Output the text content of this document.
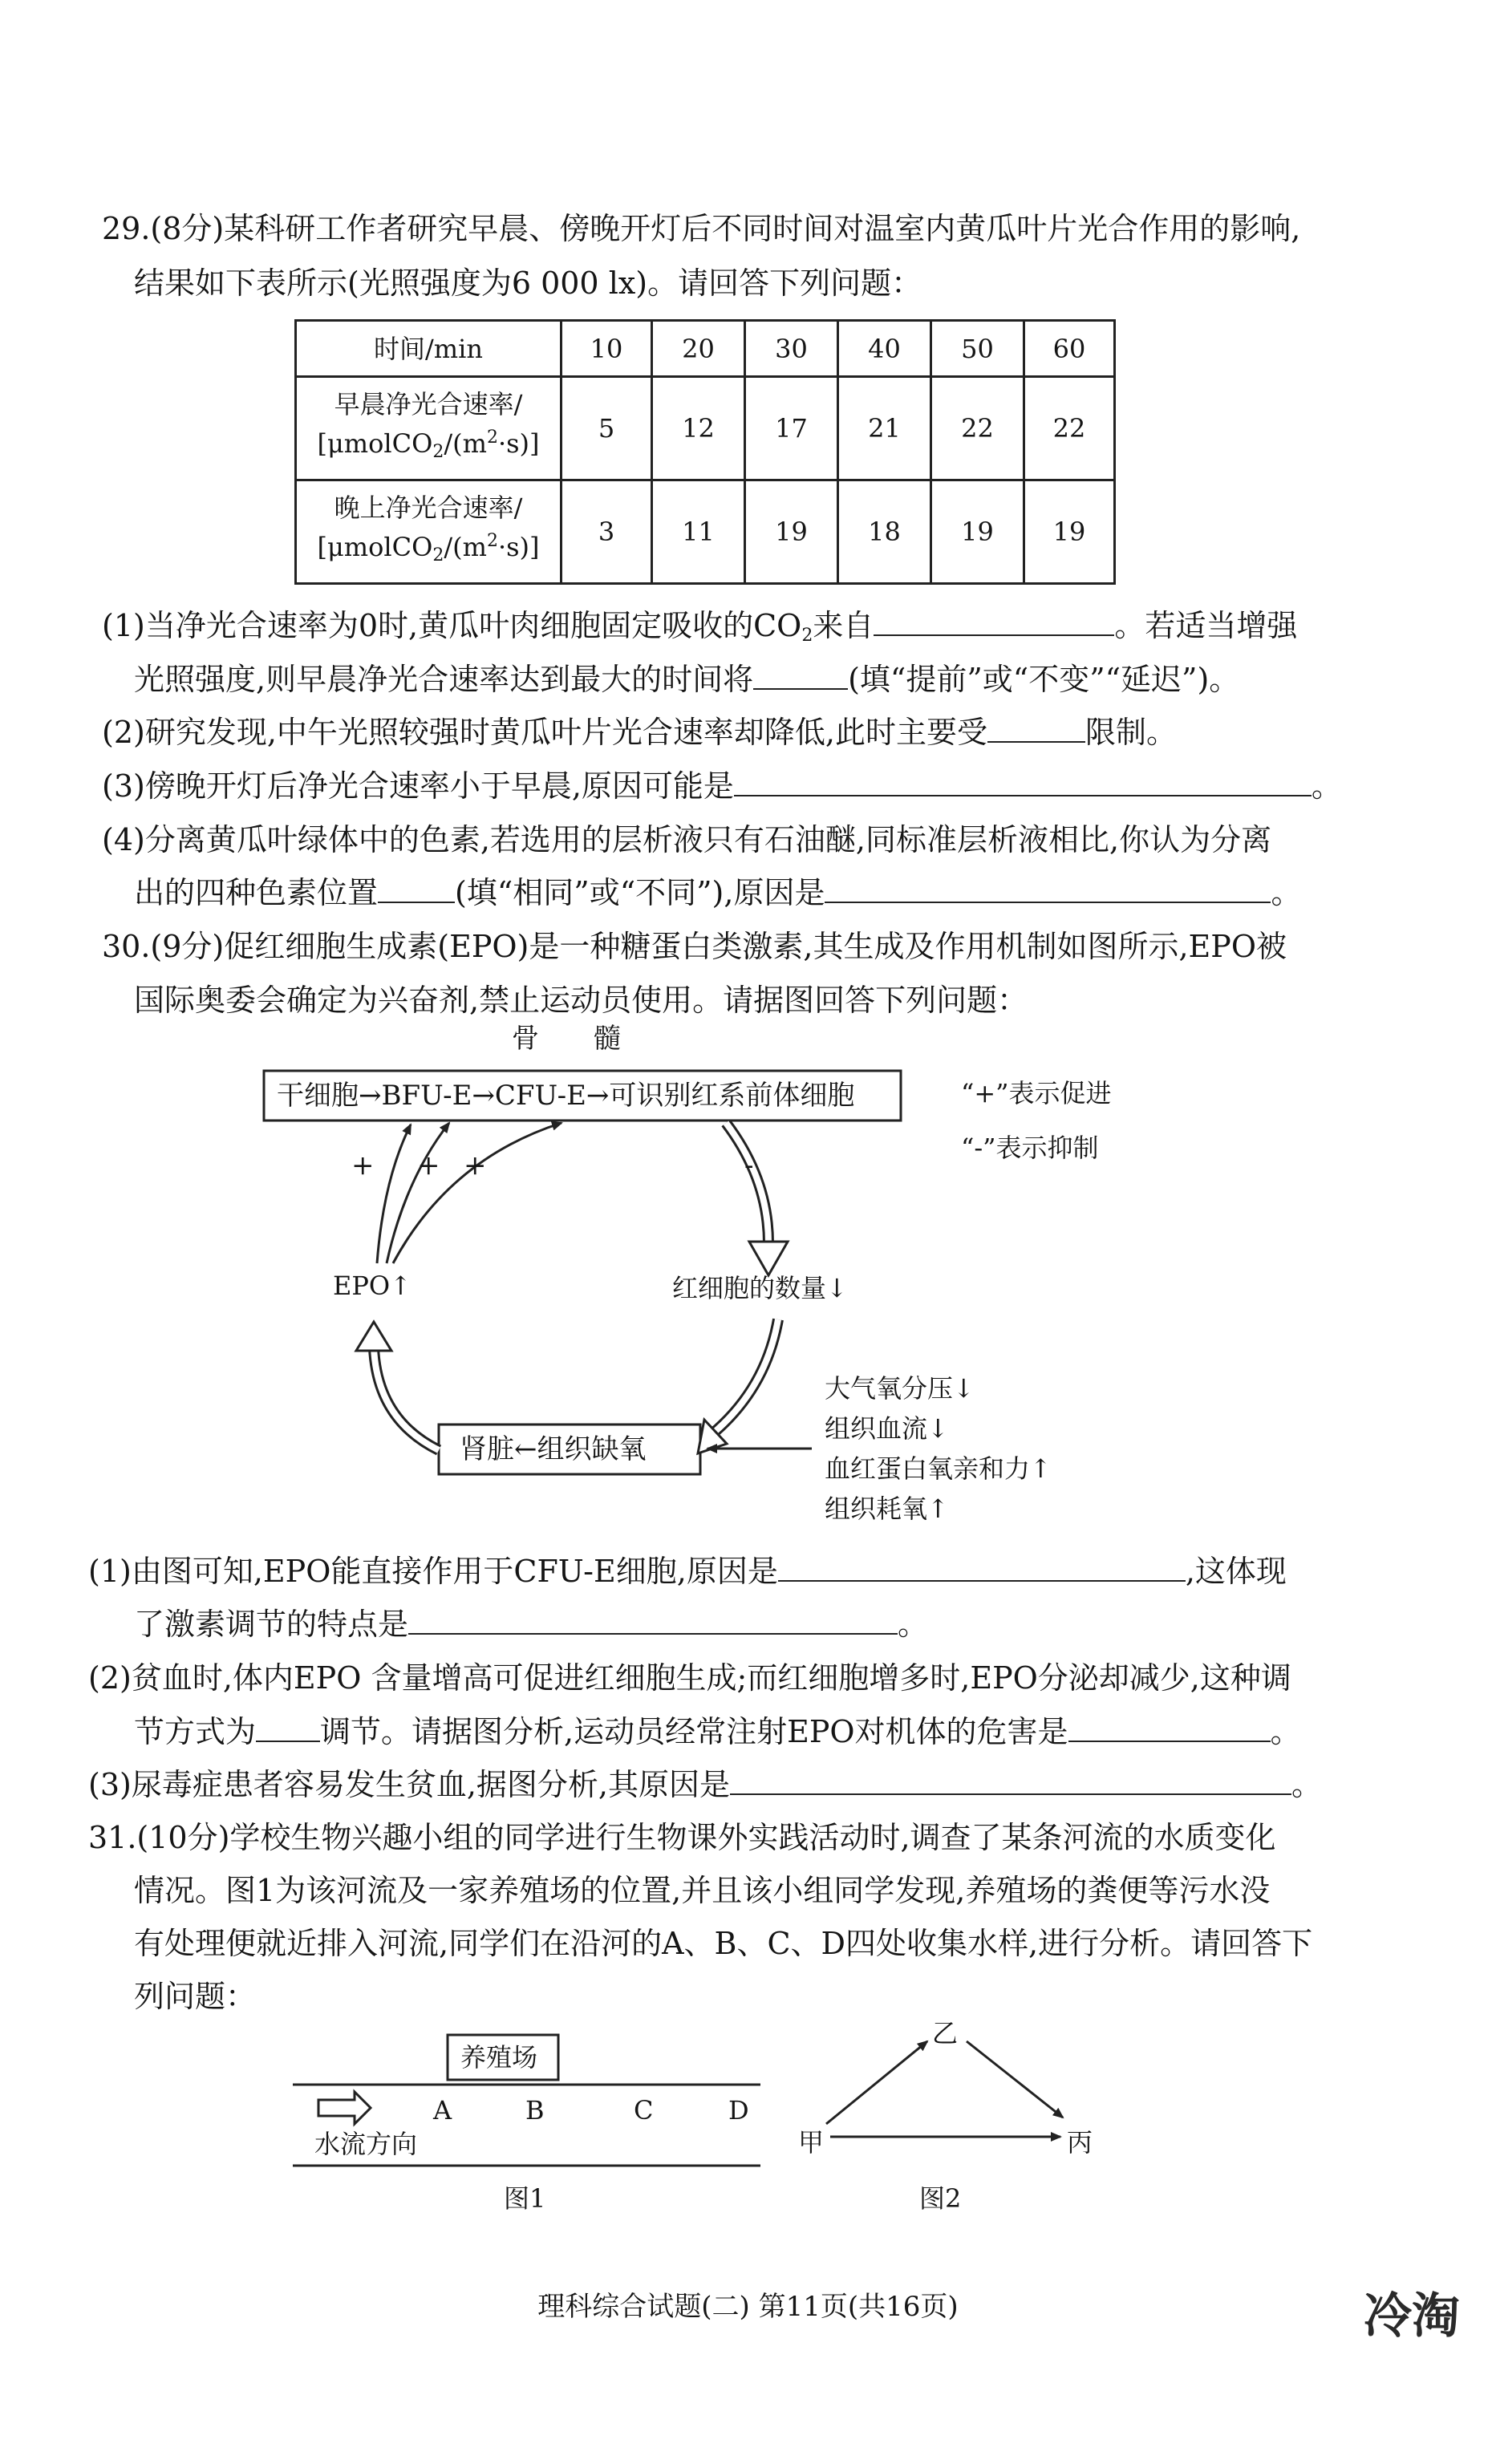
29.(8分)某科研工作者研究早晨、傍晚开灯后不同时间对温室内黄瓜叶片光合作用的影响,
结果如下表所示(光照强度为6 000 lx)。请回答下列问题：
时间/min	10	20	30	40	50	60

早晨净光合速率/
$[\mu molCO_2/(m^2\cdot s)]$	5	12	17	21	22	22

晚上净光合速率/
$[\mu molCO_2/(m^2\cdot s)]$	3	11	19	18	19	19
(1)当净光合速率为0时,黄瓜叶肉细胞固定吸收的$CO_2$来自	。若适当增强
光照强度,则早晨净光合速率达到最大的时间将	(填“提前”或“不变”“延迟”)。
(2)研究发现,中午光照较强时黄瓜叶片光合速率却降低,此时主要受	限制。
(3)傍晚开灯后净光合速率小于早晨,原因可能是	。
(4)分离黄瓜叶绿体中的色素,若选用的层析液只有石油醚,同标准层析液相比,你认为分离
出的四种色素位置	(填“相同”或“不同”),原因是	。
30.(9分)促红细胞生成素(EPO)是一种糖蛋白类激素,其生成及作用机制如图所示,EPO被
国际奥委会确定为兴奋剂,禁止运动员使用。请据图回答下列问题：
骨　　髓
干细胞→BFU-E→CFU-E→可识别红系前体细胞	“+”表示促进
“-”表示抑制
+ + +	-
EPO↑	红细胞的数量↓
肾脏←组织缺氧
大气氧分压↓
组织血流↓
血红蛋白氧亲和力↑
组织耗氧↑
(1)由图可知,EPO能直接作用于CFU-E细胞,原因是	,这体现
了激素调节的特点是	。
(2)贫血时,体内EPO 含量增高可促进红细胞生成;而红细胞增多时,EPO分泌却减少,这种调
节方式为 调节。请据图分析,运动员经常注射EPO对机体的危害是	。
(3)尿毒症患者容易发生贫血,据图分析,其原因是	。
31.(10分)学校生物兴趣小组的同学进行生物课外实践活动时,调查了某条河流的水质变化
情况。图1为该河流及一家养殖场的位置,并且该小组同学发现,养殖场的粪便等污水没
有处理便就近排入河流,同学们在沿河的A、B、C、D四处收集水样,进行分析。请回答下
列问题：
养殖场
A	B	C	D
水流方向
图1
乙
甲	丙
图2
理科综合试题(二) 第11页(共16页)	冷淘
